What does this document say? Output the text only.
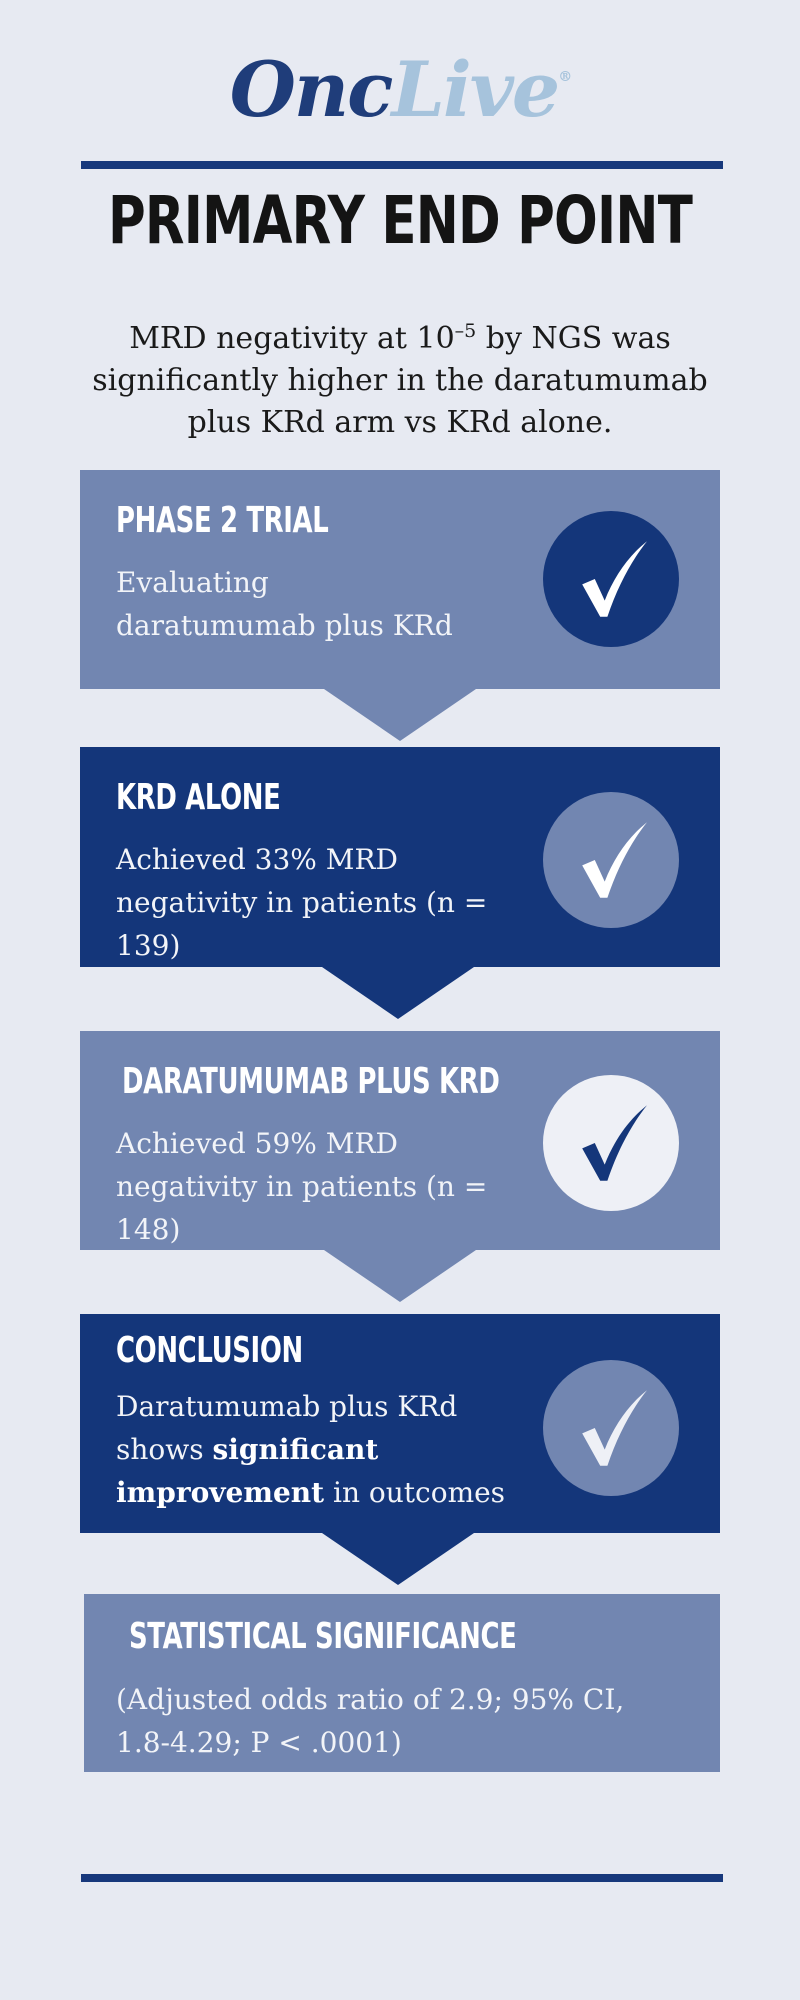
OncLive®
PRIMARY END POINT
MRD negativity at $10^{-5}$ by NGS was significantly higher in the daratumumab plus KRd arm vs KRd alone.
PHASE 2 TRIAL
Evaluating daratumumab plus KRd
KRD ALONE
Achieved 33% MRD negativity in patients (n = 139)
DARATUMUMAB PLUS KRD
Achieved 59% MRD negativity in patients (n = 148)
CONCLUSION
Daratumumab plus KRd shows significant improvement in outcomes
STATISTICAL SIGNIFICANCE
(Adjusted odds ratio of 2.9; 95% CI, 1.8-4.29; P < .0001)
